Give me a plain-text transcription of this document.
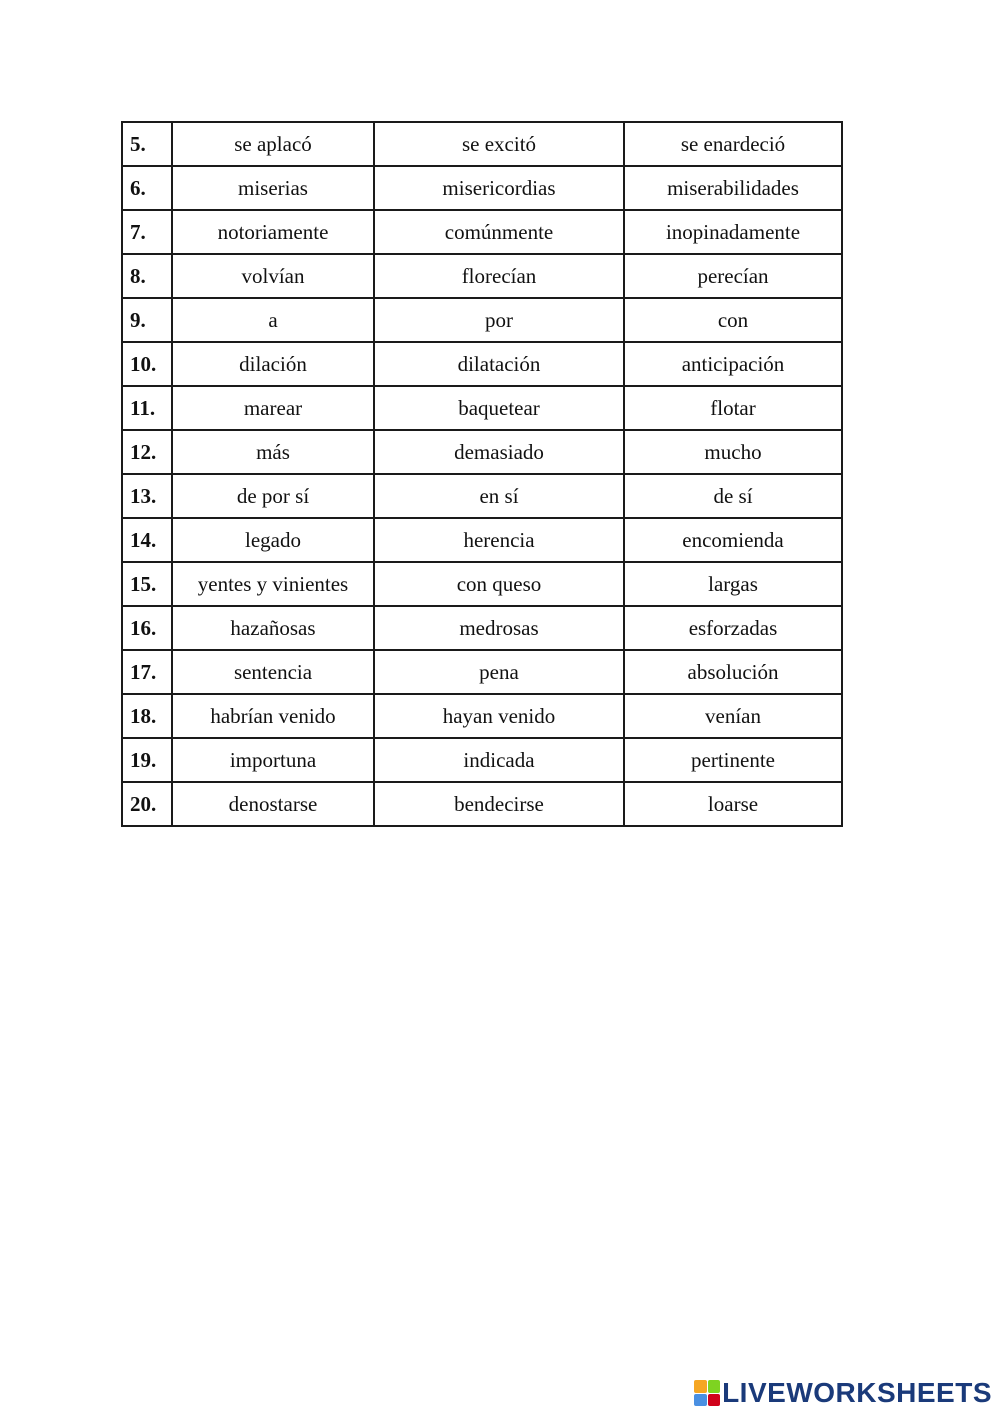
5.	se aplacó	se excitó	se enardeció
6.	miserias	misericordias	miserabilidades
7.	notoriamente	comúnmente	inopinadamente
8.	volvían	florecían	perecían
9.	a	por	con
10.	dilación	dilatación	anticipación
11.	marear	baquetear	flotar
12.	más	demasiado	mucho
13.	de por sí	en sí	de sí
14.	legado	herencia	encomienda
15.	yentes y vinientes	con queso	largas
16.	hazañosas	medrosas	esforzadas
17.	sentencia	pena	absolución
18.	habrían venido	hayan venido	venían
19.	importuna	indicada	pertinente
20.	denostarse	bendecirse	loarse
LIVEWORKSHEETS
